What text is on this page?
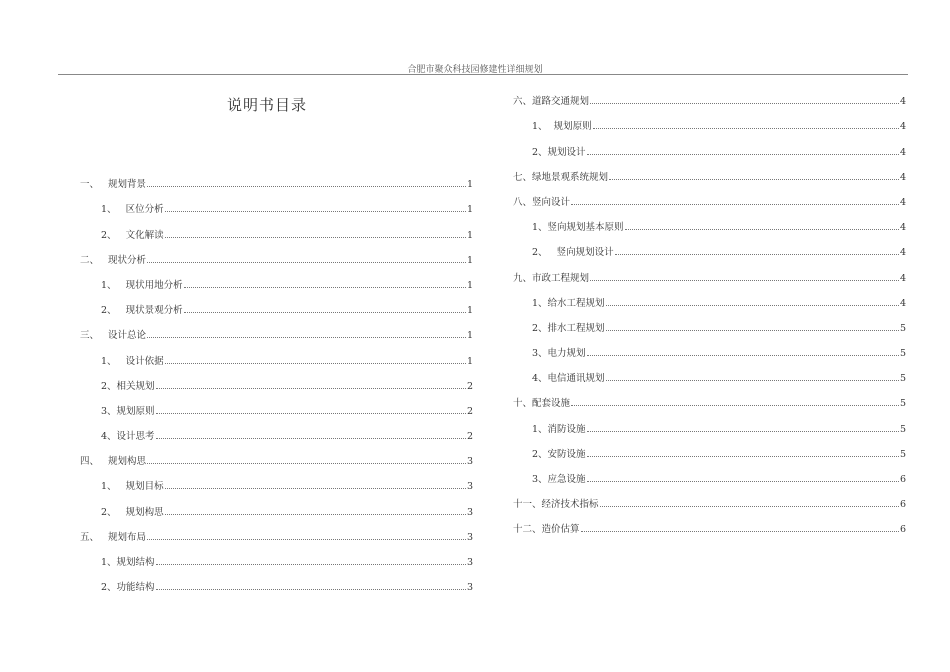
合肥市聚众科技园修建性详细规划
说明书目录
一、   规划背景	1
1、   区位分析	1
2、   文化解读	1
二、   现状分析	1
1、   现状用地分析	1
2、   现状景观分析	1
三、   设计总论	1
1、   设计依据	1
2、相关规划	2
3、规划原则	2
4、设计思考	2
四、   规划构思	3
1、   规划目标	3
2、   规划构思	3
五、   规划布局	3
1、规划结构	3
2、功能结构	3
六、道路交通规划	4
1、  规划原则	4
2、规划设计	4
七、绿地景观系统规划	4
八、竖向设计	4
1、竖向规划基本原则	4
2、   竖向规划设计	4
九、市政工程规划	4
1、给水工程规划	4
2、排水工程规划	5
3、电力规划	5
4、电信通讯规划	5
十、配套设施	5
1、消防设施	5
2、安防设施	5
3、应急设施	6
十一、经济技术指标	6
十二、造价估算	6
